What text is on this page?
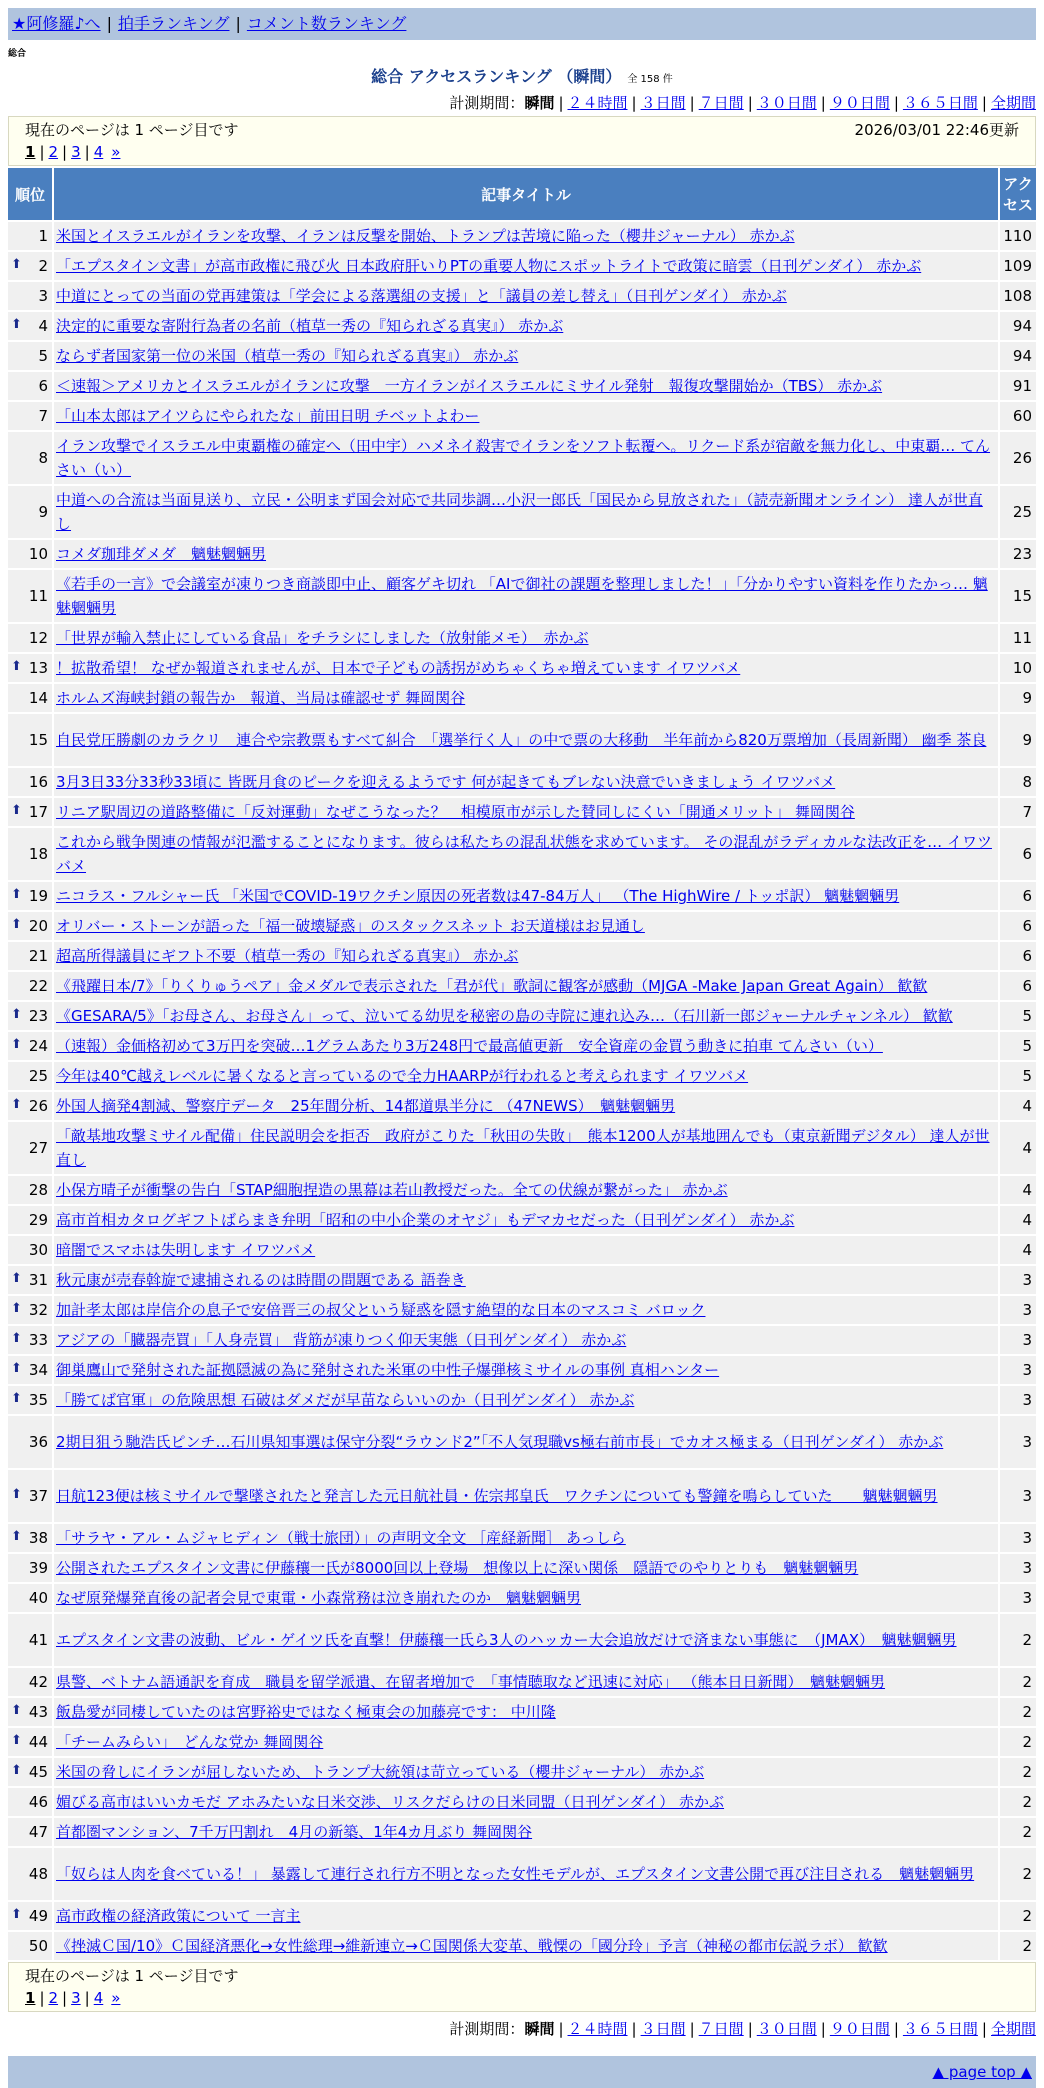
★阿修羅♪へ | 拍手ランキング | コメント数ランキング
総合
総合 アクセスランキング （瞬間） 全 158 件
計測期間：瞬間 | ２４時間 | ３日間 | ７日間 | ３０日間 | ９０日間 | ３６５日間 | 全期間
現在のページは 1 ページ目です	2026/03/01 22:46更新
1 | 2 | 3 | 4 »
順位	記事タイトル	アクセス
1	米国とイスラエルがイランを攻撃、イランは反撃を開始、トランプは苦境に陥った（櫻井ジャーナル） 赤かぶ	110

⬆ 2	「エプスタイン文書」が高市政権に飛び火 日本政府肝いりPTの重要人物にスポットライトで政策に暗雲（日刊ゲンダイ） 赤かぶ	109
3	中道にとっての当面の党再建策は「学会による落選組の支援」と「議員の差し替え」（日刊ゲンダイ） 赤かぶ	108

⬆ 4	決定的に重要な寄附行為者の名前（植草一秀の『知られざる真実』） 赤かぶ	94
5	ならず者国家第一位の米国（植草一秀の『知られざる真実』） 赤かぶ	94
6	＜速報＞アメリカとイスラエルがイランに攻撃　一方イランがイスラエルにミサイル発射　報復攻撃開始か（TBS） 赤かぶ	91
7	「山本太郎はアイツらにやられたな」前田日明 チベットよわー	60
8	イラン攻撃でイスラエル中東覇権の確定へ（田中宇）ハメネイ殺害でイランをソフト転覆へ。リクード系が宿敵を無力化し、中東覇… てんさい（い）	26
9	中道への合流は当面見送り、立民・公明まず国会対応で共同歩調…小沢一郎氏「国民から見放された」（読売新聞オンライン） 達人が世直し	25
10	コメダ珈琲ダメダ　魑魅魍魎男	23
11	《若手の一言》で会議室が凍りつき商談即中止、顧客ゲキ切れ 「AIで御社の課題を整理しました！」「分かりやすい資料を作りたかっ… 魑魅魍魎男	15
12	「世界が輸入禁止にしている食品」をチラシにしました（放射能メモ）　赤かぶ	11

⬆ 13	！拡散希望！ なぜか報道されませんが、日本で子どもの誘拐がめちゃくちゃ増えています イワツバメ	10
14	ホルムズ海峡封鎖の報告か　報道、当局は確認せず 舞岡関谷	9
15	自民党圧勝劇のカラクリ　連合や宗教票もすべて糾合　「選挙行く人」の中で票の大移動　半年前から820万票増加（長周新聞） 幽季 茶良	9
16	3月3日33分33秒33頃に 皆既月食のピークを迎えるようです 何が起きてもブレない決意でいきましょう イワツバメ	8

⬆ 17	リニア駅周辺の道路整備に「反対運動」なぜこうなった？　相模原市が示した賛同しにくい「開通メリット」 舞岡関谷	7
18	これから戦争関連の情報が氾濫することになります。彼らは私たちの混乱状態を求めています。 その混乱がラディカルな法改正を… イワツバメ	6

⬆ 19	ニコラス・フルシャー氏 「米国でCOVID-19ワクチン原因の死者数は47-84万人」 （The HighWire / トッポ訳） 魑魅魍魎男	6

⬆ 20	オリバー・ストーンが語った「福一破壊疑惑」のスタックスネット お天道様はお見通し	6
21	超高所得議員にギフト不要（植草一秀の『知られざる真実』） 赤かぶ	6
22	《飛躍日本/7》「りくりゅうペア」金メダルで表示された「君が代」歌詞に観客が感動（MJGA -Make Japan Great Again） 歓歓	6

⬆ 23	《GESARA/5》「お母さん、お母さん」って、泣いてる幼児を秘密の島の寺院に連れ込み…（石川新一郎ジャーナルチャンネル） 歓歓	5

⬆ 24	（速報）金価格初めて3万円を突破…1グラムあたり3万248円で最高値更新　安全資産の金買う動きに拍車 てんさい（い）	5
25	今年は40℃越えレベルに暑くなると言っているので全力HAARPが行われると考えられます イワツバメ	5

⬆ 26	外国人摘発4割減、警察庁データ　25年間分析、14都道県半分に （47NEWS）　魑魅魍魎男	4
27	「敵基地攻撃ミサイル配備」住民説明会を拒否　政府がこりた「秋田の失敗」　熊本1200人が基地囲んでも（東京新聞デジタル） 達人が世直し	4
28	小保方晴子が衝撃の告白「STAP細胞捏造の黒幕は若山教授だった。全ての伏線が繋がった」 赤かぶ	4
29	高市首相カタログギフトばらまき弁明「昭和の中小企業のオヤジ」もデマカセだった（日刊ゲンダイ） 赤かぶ	4
30	暗闇でスマホは失明します イワツバメ	4

⬆ 31	秋元康が売春斡旋で逮捕されるのは時間の問題である 語巻き	3

⬆ 32	加計孝太郎は岸信介の息子で安倍晋三の叔父という疑惑を隠す絶望的な日本のマスコミ バロック	3

⬆ 33	アジアの「臓器売買」「人身売買」 背筋が凍りつく仰天実態（日刊ゲンダイ） 赤かぶ	3

⬆ 34	御巣鷹山で発射された証拠隠滅の為に発射された米軍の中性子爆弾核ミサイルの事例 真相ハンター	3

⬆ 35	「勝てば官軍」の危険思想 石破はダメだが早苗ならいいのか（日刊ゲンダイ） 赤かぶ	3
36	2期目狙う馳浩氏ピンチ…石川県知事選は保守分裂“ラウンド2”「不人気現職vs極右前市長」でカオス極まる（日刊ゲンダイ） 赤かぶ	3

⬆ 37	日航123便は核ミサイルで撃墜されたと発言した元日航社員・佐宗邦皇氏　ワクチンについても警鐘を鳴らしていた　　魑魅魍魎男	3

⬆ 38	「サラヤ・アル・ムジャヒディン（戦士旅団）」の声明文全文 ［産経新聞］ あっしら	3
39	公開されたエプスタイン文書に伊藤穰一氏が8000回以上登場　想像以上に深い関係　隠語でのやりとりも　魑魅魍魎男	3
40	なぜ原発爆発直後の記者会見で東電・小森常務は泣き崩れたのか　魑魅魍魎男	3
41	エプスタイン文書の波動、ビル・ゲイツ氏を直撃！伊藤穰一氏ら3人のハッカー大会追放だけで済まない事態に　（JMAX）　魑魅魍魎男	2
42	県警、ベトナム語通訳を育成　職員を留学派遣、在留者増加で　「事情聴取など迅速に対応」 （熊本日日新聞）　魑魅魍魎男	2

⬆ 43	飯島愛が同棲していたのは宮野裕史ではなく極東会の加藤亮です： 中川隆	2

⬆ 44	「チームみらい」　どんな党か 舞岡関谷	2

⬆ 45	米国の脅しにイランが屈しないため、トランプ大統領は苛立っている（櫻井ジャーナル） 赤かぶ	2
46	媚びる高市はいいカモだ アホみたいな日米交渉、リスクだらけの日米同盟（日刊ゲンダイ） 赤かぶ	2
47	首都圏マンション、7千万円割れ　4月の新築、1年4カ月ぶり 舞岡関谷	2
48	「奴らは人肉を食べている！」 暴露して連行され行方不明となった女性モデルが、エプスタイン文書公開で再び注目される　魑魅魍魎男	2

⬆ 49	高市政権の経済政策について 一言主	2
50	《挫滅Ｃ国/10》Ｃ国経済悪化→女性総理→維新連立→Ｃ国関係大変革、戦慄の「國分玲」予言（神秘の都市伝説ラボ） 歓歓	2
現在のページは 1 ページ目です
1 | 2 | 3 | 4 »
計測期間：瞬間 | ２４時間 | ３日間 | ７日間 | ３０日間 | ９０日間 | ３６５日間 | 全期間
▲ page top ▲
